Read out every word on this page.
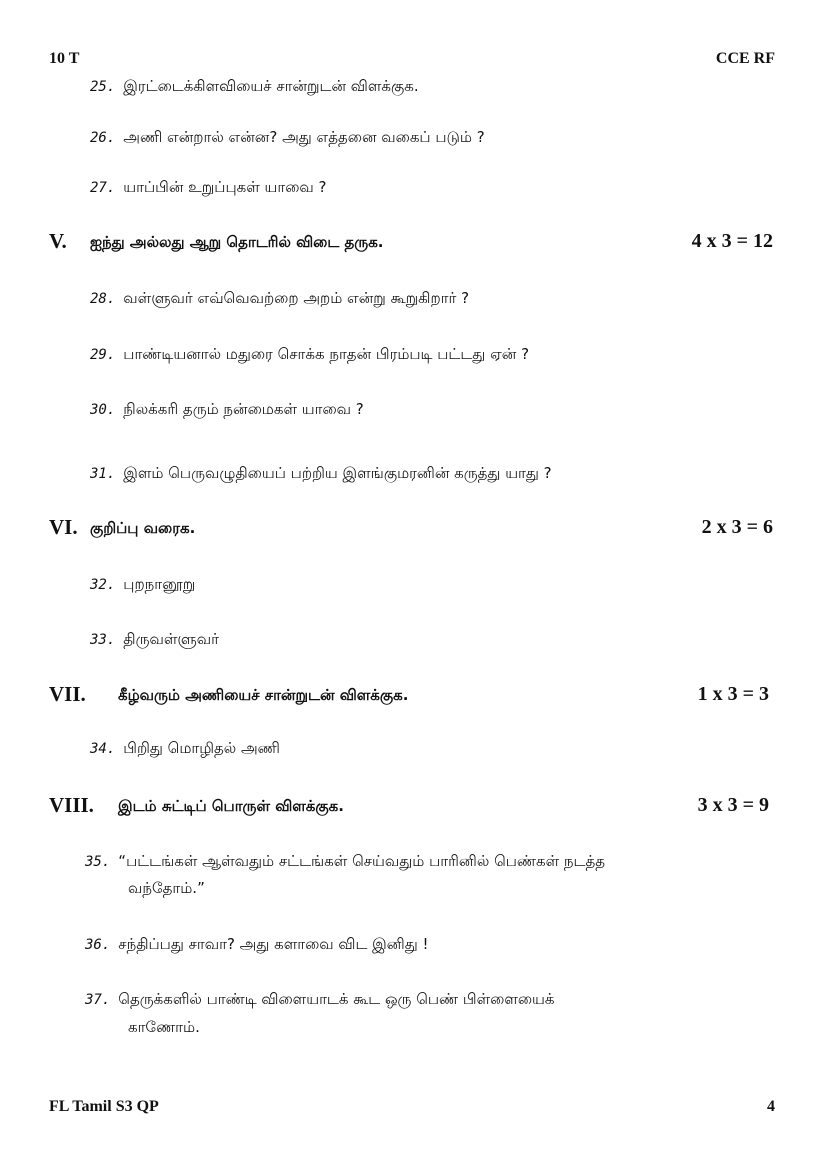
10 T	CCE RF
25. இரட்டைக்கிளவியைச் சான்றுடன் விளக்குக.
26. அணி என்றால் என்ன? அது எத்தனை வகைப் படும் ?
27. யாப்பின் உறுப்புகள் யாவை ?
V. ஐந்து அல்லது ஆறு தொடரில் விடை தருக.	4 x 3 = 12
28. வள்ளுவர் எவ்வெவற்றை அறம் என்று கூறுகிறார் ?
29. பாண்டியனால் மதுரை சொக்க நாதன் பிரம்படி பட்டது ஏன் ?
30. நிலக்கரி தரும் நன்மைகள் யாவை ?
31. இளம் பெருவழுதியைப் பற்றிய இளங்குமரனின் கருத்து யாது ?
VI. குறிப்பு வரைக.	2 x 3 = 6
32. புறநானூறு
33. திருவள்ளுவர்
VII. கீழ்வரும் அணியைச் சான்றுடன் விளக்குக.	1 x 3 = 3
34. பிறிது மொழிதல் அணி
VIII. இடம் சுட்டிப் பொருள் விளக்குக.	3 x 3 = 9
35. “பட்டங்கள் ஆள்வதும் சட்டங்கள் செய்வதும் பாரினில் பெண்கள் நடத்த
வந்தோம்.”
36. சந்திப்பது சாவா? அது களாவை விட இனிது !
37. தெருக்களில் பாண்டி விளையாடக் கூட ஒரு பெண் பிள்ளையைக்
காணோம்.
FL Tamil S3 QP	4
